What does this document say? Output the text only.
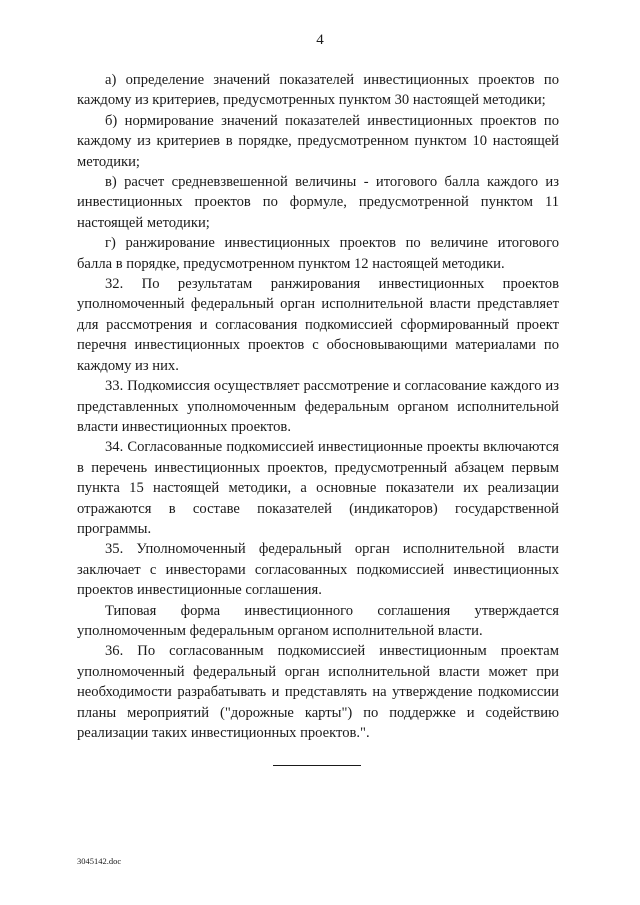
4

а) определение значений показателей инвестиционных проектов по каждому из критериев, предусмотренных пунктом 30 настоящей методики;

б) нормирование значений показателей инвестиционных проектов по каждому из критериев в порядке, предусмотренном пунктом 10 настоящей методики;

в) расчет средневзвешенной величины - итогового балла каждого из инвестиционных проектов по формуле, предусмотренной пунктом 11 настоящей методики;

г) ранжирование инвестиционных проектов по величине итогового балла в порядке, предусмотренном пунктом 12 настоящей методики.

32. По результатам ранжирования инвестиционных проектов уполномоченный федеральный орган исполнительной власти представляет для рассмотрения и согласования подкомиссией сформированный проект перечня инвестиционных проектов с обосновывающими материалами по каждому из них.

33. Подкомиссия осуществляет рассмотрение и согласование каждого из представленных уполномоченным федеральным органом исполнительной власти инвестиционных проектов.

34. Согласованные подкомиссией инвестиционные проекты включаются в перечень инвестиционных проектов, предусмотренный абзацем первым пункта 15 настоящей методики, а основные показатели их реализации отражаются в составе показателей (индикаторов) государственной программы.

35. Уполномоченный федеральный орган исполнительной власти заключает с инвесторами согласованных подкомиссией инвестиционных проектов инвестиционные соглашения.

Типовая форма инвестиционного соглашения утверждается уполномоченным федеральным органом исполнительной власти.

36. По согласованным подкомиссией инвестиционным проектам уполномоченный федеральный орган исполнительной власти может при необходимости разрабатывать и представлять на утверждение подкомиссии планы мероприятий ("дорожные карты") по поддержке и содействию реализации таких инвестиционных проектов.".

3045142.doc
